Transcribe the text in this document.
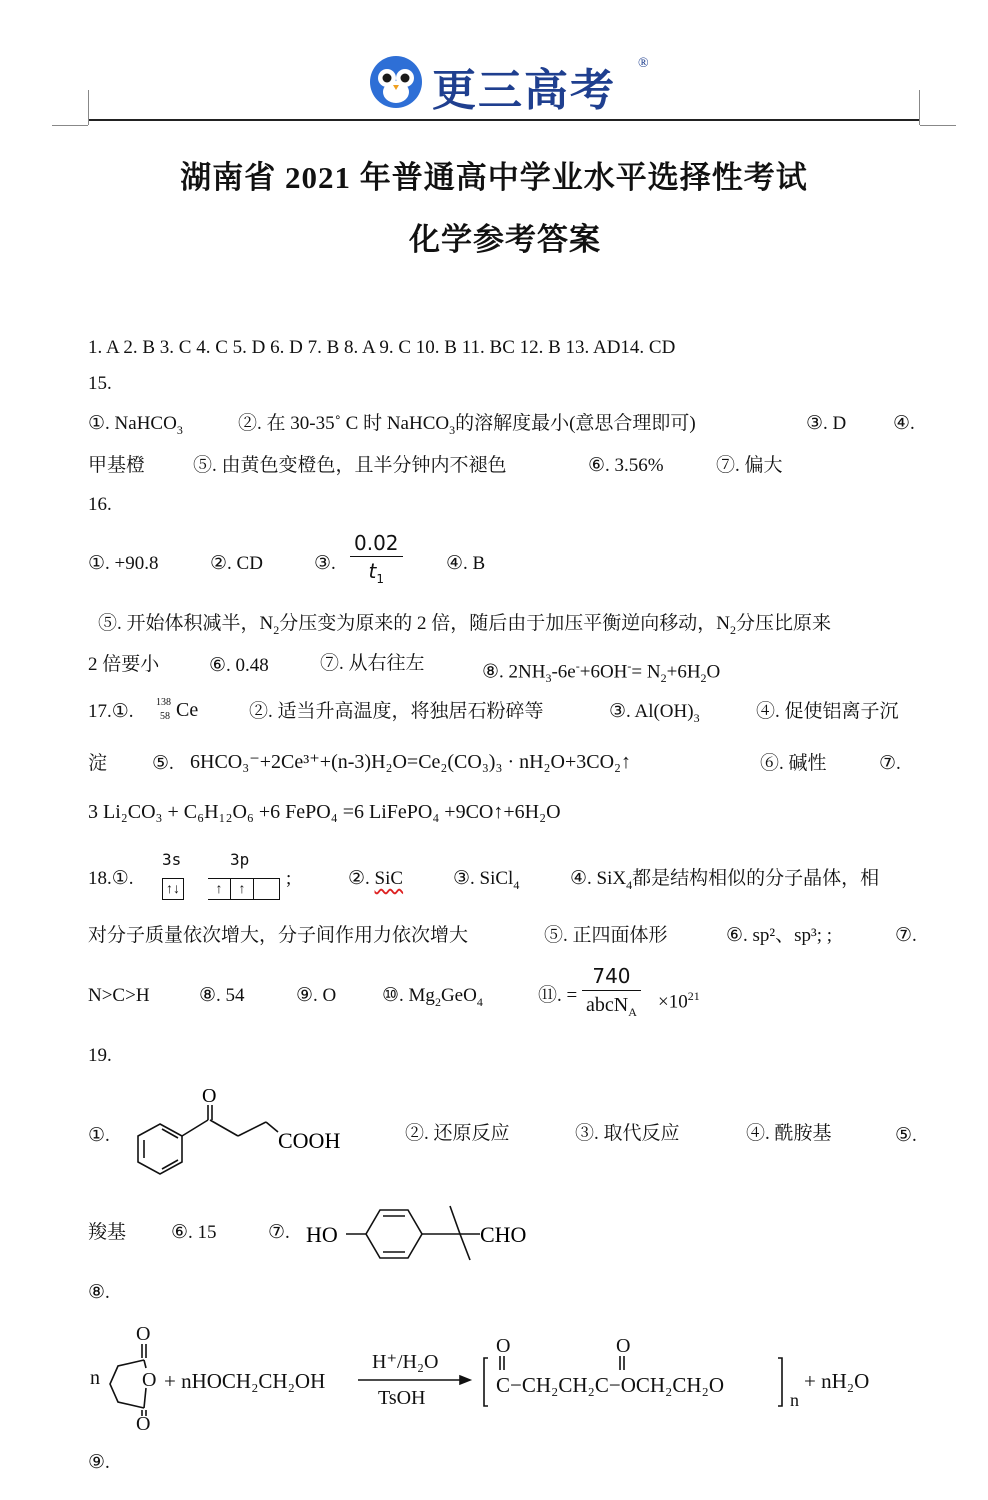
更三高考
®
湖南省 2021 年普通高中学业水平选择性考试
化学参考答案
1. A 2. B 3. C 4. C 5. D 6. D 7. B 8. A 9. C 10. B 11. BC 12. B 13. AD14. CD
15.
①. NaHCO$_3$	②. 在 30-35˚ C 时 NaHCO$_3$的溶解度最小(意思合理即可)	③. D ④.
甲基橙	⑤. 由黄色变橙色，且半分钟内不褪色	⑥. 3.56%	⑦. 偏大
16.
①. +90.8	②. CD	③. $\frac{0.02}{t_1}$ ④. B
⑤. 开始体积减半，$N_2$分压变为原来的 2 倍，随后由于加压平衡逆向移动，$N_2$分压比原来
2 倍要小	⑥. 0.48	⑦. 从右往左	⑧. $2NH_3-6e^-+6OH^-= N_2+6H_2O$
17.①. 138
58 Ce	②. 适当升高温度，将独居石粉碎等	③. $Al(OH)_3$	④. 促使铝离子沉
淀 ⑤. 6HCO₃⁻+2Ce³⁺+(n-3)H₂O=Ce₂(CO₃)₃ · nH₂O+3CO₂↑	⑥. 碱性	⑦.
3 Li₂CO₃ + C₆H₁₂O₆ +6 FePO₄ =6 LiFePO₄ +9CO↑+6H₂O
18.①.
3s	3p
↑↓	↑	↑
;	②. SiC	③. SiCl$_4$	④. SiX$_4$都是结构相似的分子晶体，相
对分子质量依次增大，分子间作用力依次增大	⑤. 正四面体形	⑥. sp²、sp³; ;	⑦.
N>C>H	⑧. 54	⑨. O ⑩. $Mg_2GeO_4$	⑪. = $\frac{740}{abcN_A} \times 10^{21}$
19.
①.
O
COOH	②. 还原反应	③. 取代反应	④. 酰胺基	⑤.
羧基 ⑥. 15	⑦. HO	CHO
⑧.
n
O
O
O
+ nHOCH₂CH₂OH
H⁺/H₂O
TsOH
O	O
C−CH₂CH₂C−OCH₂CH₂O
n
+ nH₂O
⑨.
